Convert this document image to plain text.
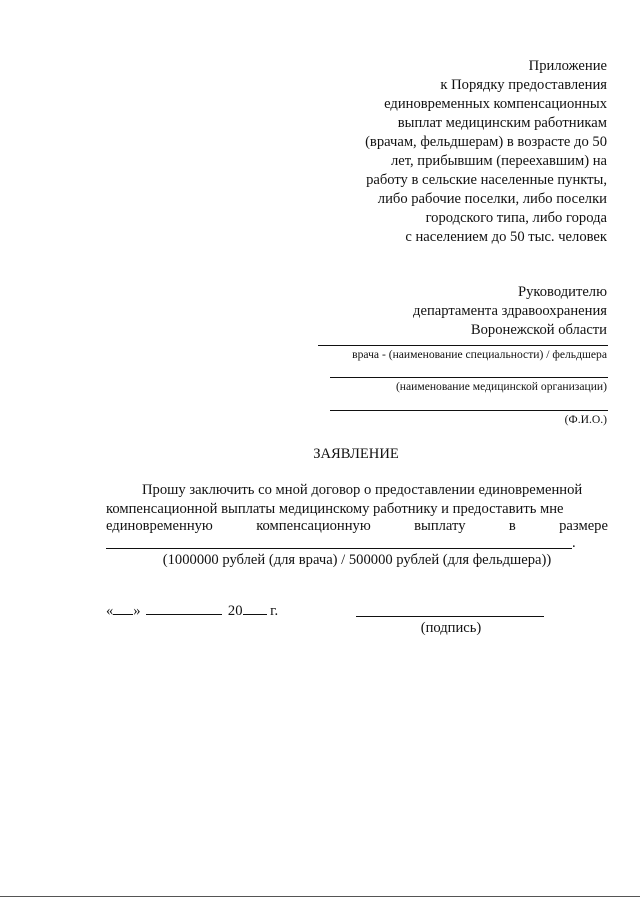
Приложение
к Порядку предоставления
единовременных компенсационных
выплат медицинским работникам
(врачам, фельдшерам) в возрасте до 50
лет, прибывшим (переехавшим) на
работу в сельские населенные пункты,
либо рабочие поселки, либо поселки
городского типа, либо города
с населением до 50 тыс. человек
Руководителю
департамента здравоохранения
Воронежской области
врача - (наименование специальности) / фельдшера
(наименование медицинской организации)
(Ф.И.О.)
ЗАЯВЛЕНИЕ
Прошу заключить со мной договор о предоставлении единовременной
компенсационной выплаты медицинскому работнику и предоставить мне
единовременную	компенсационную	выплату	в	размере
.
(1000000 рублей (для врача) / 500000 рублей (для фельдшера))
« »	20 г.
(подпись)
